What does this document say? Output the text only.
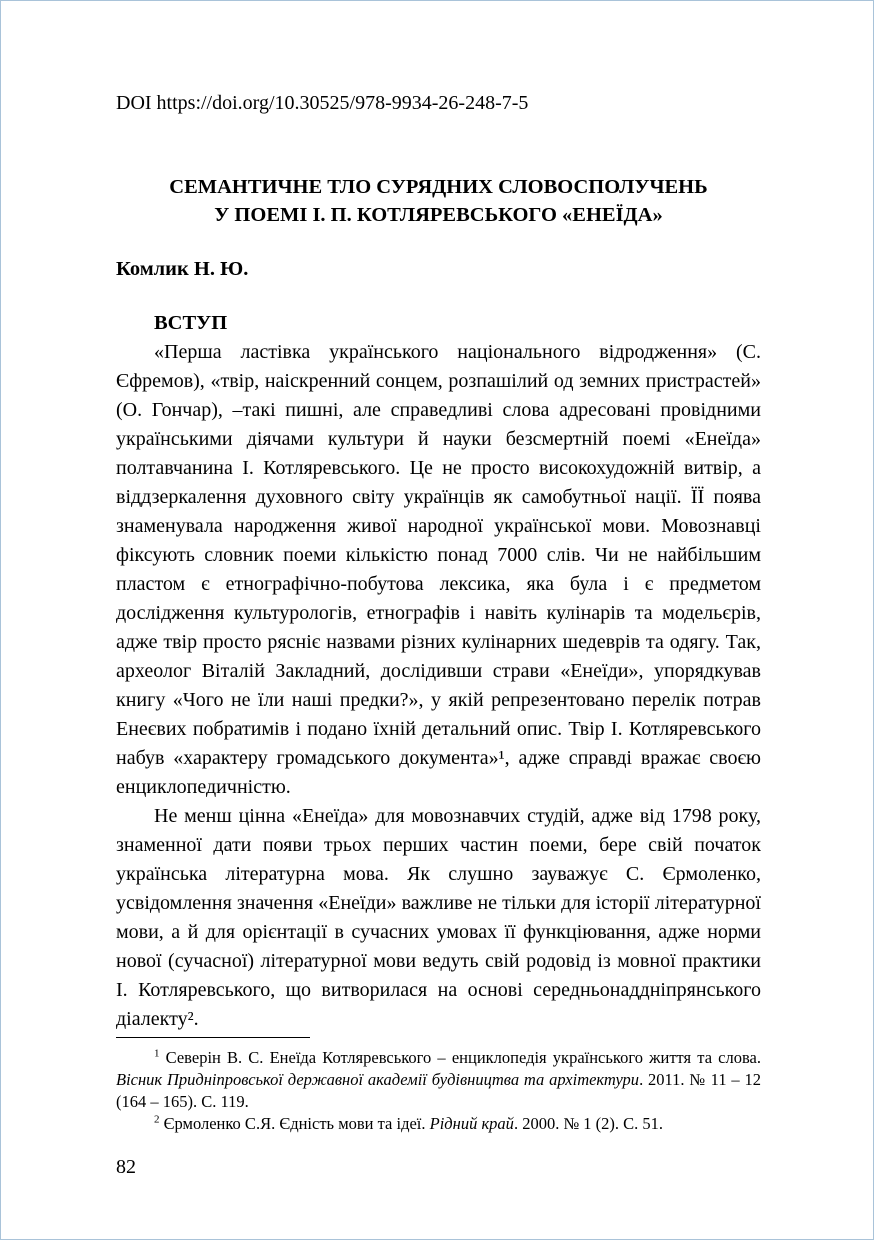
DOI https://doi.org/10.30525/978-9934-26-248-7-5
СЕМАНТИЧНЕ ТЛО СУРЯДНИХ СЛОВОСПОЛУЧЕНЬ
У ПОЕМІ І. П. КОТЛЯРЕВСЬКОГО «ЕНЕЇДА»
Комлик Н. Ю.
ВСТУП

«Перша ластівка українського національного відродження» (С. Єфремов), «твір, наіскренний сонцем, розпашілий од земних пристрастей» (О. Гончар), –такі пишні, але справедливі слова адресовані провідними українськими діячами культури й науки безсмертній поемі «Енеїда» полтавчанина І. Котляревського. Це не просто високохудожній витвір, а віддзеркалення духовного світу українців як самобутньої нації. ЇЇ поява знаменувала народження живої народної української мови. Мовознавці фіксують словник поеми кількістю понад 7000 слів. Чи не найбільшим пластом є етнографічно-побутова лексика, яка була і є предметом дослідження культурологів, етнографів і навіть кулінарів та модельєрів, адже твір просто рясніє назвами різних кулінарних шедеврів та одягу. Так, археолог Віталій Закладний, дослідивши страви «Енеїди», упорядкував книгу «Чого не їли наші предки?», у якій репрезентовано перелік потрав Енеєвих побратимів і подано їхній детальний опис. Твір І. Котляревського набув «характеру громадського документа»¹, адже справді вражає своєю енциклопедичністю.

Не менш цінна «Енеїда» для мовознавчих студій, адже від 1798 року, знаменної дати появи трьох перших частин поеми, бере свій початок українська літературна мова. Як слушно зауважує С. Єрмоленко, усвідомлення значення «Енеїди» важливе не тільки для історії літературної мови, а й для орієнтації в сучасних умовах її функціювання, адже норми нової (сучасної) літературної мови ведуть свій родовід із мовної практики І. Котляревського, що витворилася на основі середньонаддніпрянського діалекту².

$^1$ Северін В. С. Енеїда Котляревського – енциклопедія українського життя та слова. Вісник Придніпровської державної академії будівництва та архітектури. 2011. № 11 – 12 (164 – 165). С. 119.

$^2$ Єрмоленко С.Я. Єдність мови та ідеї. Рідний край. 2000. № 1 (2). С. 51.

82
